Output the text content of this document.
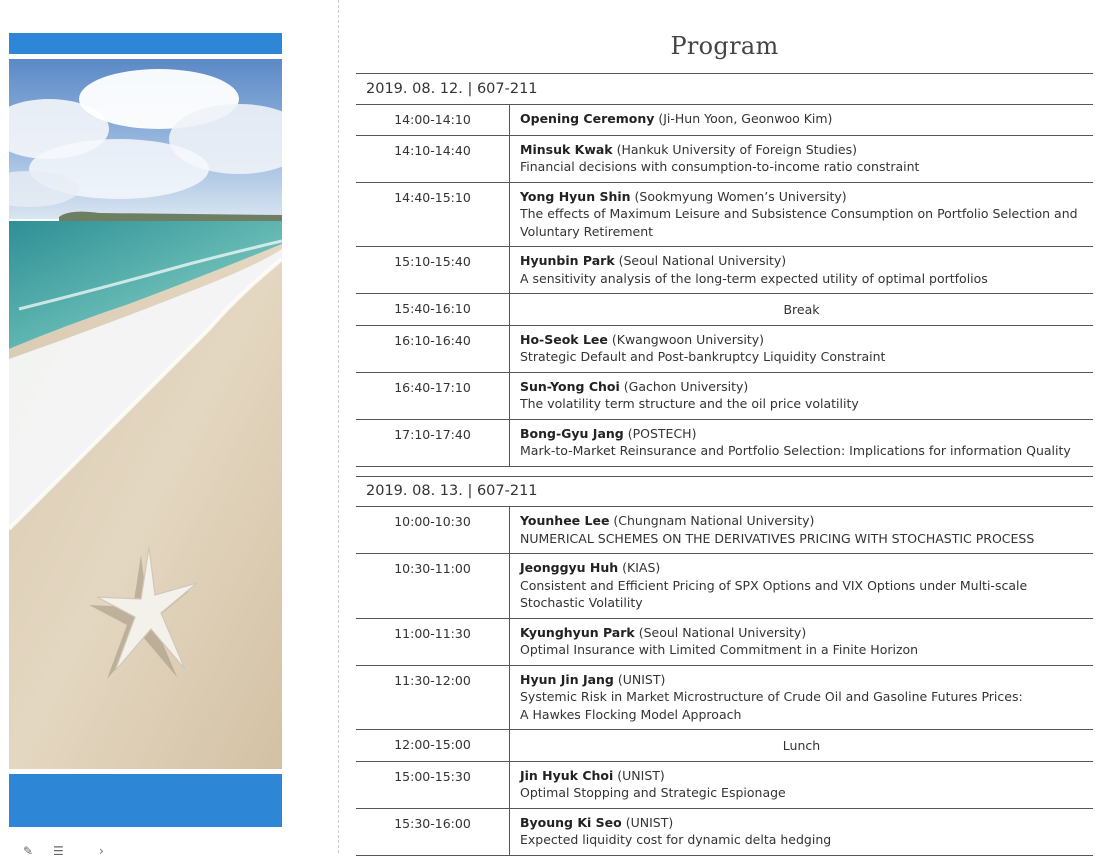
✎ ☰	›
Program
2019. 08. 12. | 607-211
14:00-14:10	Opening Ceremony (Ji-Hun Yoon, Geonwoo Kim)
14:10-14:40	Minsuk Kwak (Hankuk University of Foreign Studies)
Financial decisions with consumption-to-income ratio constraint
14:40-15:10	Yong Hyun Shin (Sookmyung Women’s University)
The effects of Maximum Leisure and Subsistence Consumption on Portfolio Selection and Voluntary Retirement
15:10-15:40	Hyunbin Park (Seoul National University)
A sensitivity analysis of the long-term expected utility of optimal portfolios
15:40-16:10	Break
16:10-16:40	Ho-Seok Lee (Kwangwoon University)
Strategic Default and Post-bankruptcy Liquidity Constraint
16:40-17:10	Sun-Yong Choi (Gachon University)
The volatility term structure and the oil price volatility
17:10-17:40	Bong-Gyu Jang (POSTECH)
Mark-to-Market Reinsurance and Portfolio Selection: Implications for information Quality
2019. 08. 13. | 607-211
10:00-10:30	Younhee Lee (Chungnam National University)
NUMERICAL SCHEMES ON THE DERIVATIVES PRICING WITH STOCHASTIC PROCESS
10:30-11:00	Jeonggyu Huh (KIAS)
Consistent and Efficient Pricing of SPX Options and VIX Options under Multi-scale Stochastic Volatility
11:00-11:30	Kyunghyun Park (Seoul National University)
Optimal Insurance with Limited Commitment in a Finite Horizon
11:30-12:00	Hyun Jin Jang (UNIST)
Systemic Risk in Market Microstructure of Crude Oil and Gasoline Futures Prices:
A Hawkes Flocking Model Approach
12:00-15:00	Lunch
15:00-15:30	Jin Hyuk Choi (UNIST)
Optimal Stopping and Strategic Espionage
15:30-16:00	Byoung Ki Seo (UNIST)
Expected liquidity cost for dynamic delta hedging
